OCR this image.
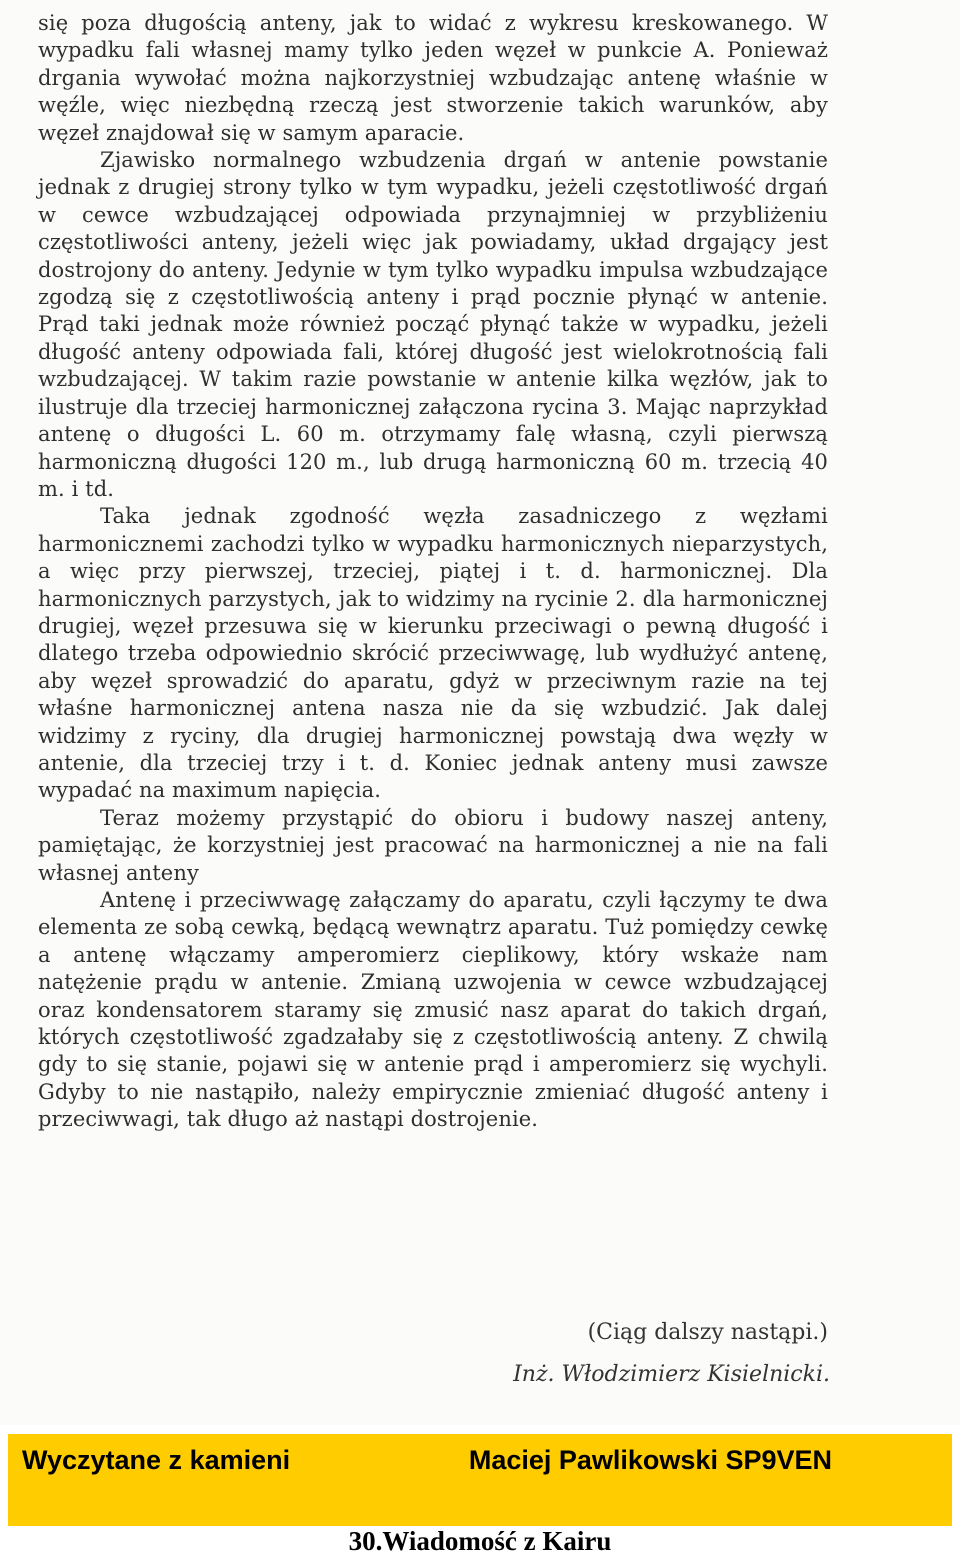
się poza długością anteny, jak to widać z wykresu kreskowanego. W wypadku fali własnej mamy tylko jeden węzeł w punkcie A. Ponieważ drgania wywołać można najkorzystniej wzbudzając antenę właśnie w węźle, więc niezbędną rzeczą jest stworzenie takich warunków, aby węzeł znajdował się w samym aparacie.

Zjawisko normalnego wzbudzenia drgań w antenie powstanie jednak z drugiej strony tylko w tym wypadku, jeżeli częstotliwość drgań w cewce wzbudzającej odpowiada przynajmniej w przybliżeniu częstotliwości anteny, jeżeli więc jak powiadamy, układ drgający jest dostrojony do anteny. Jedynie w tym tylko wypadku impulsa wzbudzające zgodzą się z częstotliwością anteny i prąd pocznie płynąć w antenie. Prąd taki jednak może również począć płynąć także w wypadku, jeżeli długość anteny odpowiada fali, której długość jest wielokrotnością fali wzbudzającej. W takim razie powstanie w antenie kilka węzłów, jak to ilustruje dla trzeciej harmonicznej załączona rycina 3. Mając naprzykład antenę o długości L. 60 m. otrzymamy falę własną, czyli pierwszą harmoniczną długości 120 m., lub drugą harmoniczną 60 m. trzecią 40 m. i td.

Taka jednak zgodność węzła zasadniczego z węzłami harmonicznemi zachodzi tylko w wypadku harmonicznych nieparzystych, a więc przy pierwszej, trzeciej, piątej i t. d. harmonicznej. Dla harmonicznych parzystych, jak to widzimy na rycinie 2. dla harmonicznej drugiej, węzeł przesuwa się w kierunku przeciwagi o pewną długość i dlatego trzeba odpowiednio skrócić przeciwwagę, lub wydłużyć antenę, aby węzeł sprowadzić do aparatu, gdyż w przeciwnym razie na tej właśne harmonicznej antena nasza nie da się wzbudzić. Jak dalej widzimy z ryciny, dla drugiej harmonicznej powstają dwa węzły w antenie, dla trzeciej trzy i t. d. Koniec jednak anteny musi zawsze wypadać na maximum napięcia.

Teraz możemy przystąpić do obioru i budowy naszej anteny, pamiętając, że korzystniej jest pracować na harmonicznej a nie na fali własnej anteny

Antenę i przeciwwagę załączamy do aparatu, czyli łączymy te dwa elementa ze sobą cewką, będącą wewnątrz aparatu. Tuż pomiędzy cewkę a antenę włączamy amperomierz cieplikowy, który wskaże nam natężenie prądu w antenie. Zmianą uzwojenia w cewce wzbudzającej oraz kondensatorem staramy się zmusić nasz aparat do takich drgań, których częstotliwość zgadzałaby się z częstotliwością anteny. Z chwilą gdy to się stanie, pojawi się w antenie prąd i amperomierz się wychyli. Gdyby to nie nastąpiło, należy empirycznie zmieniać długość anteny i przeciwwagi, tak długo aż nastąpi dostrojenie.

(Ciąg dalszy nastąpi.)
Inż. Włodzimierz Kisielnicki.
Wyczytane z kamieni	Maciej Pawlikowski SP9VEN
30.Wiadomość z Kairu
